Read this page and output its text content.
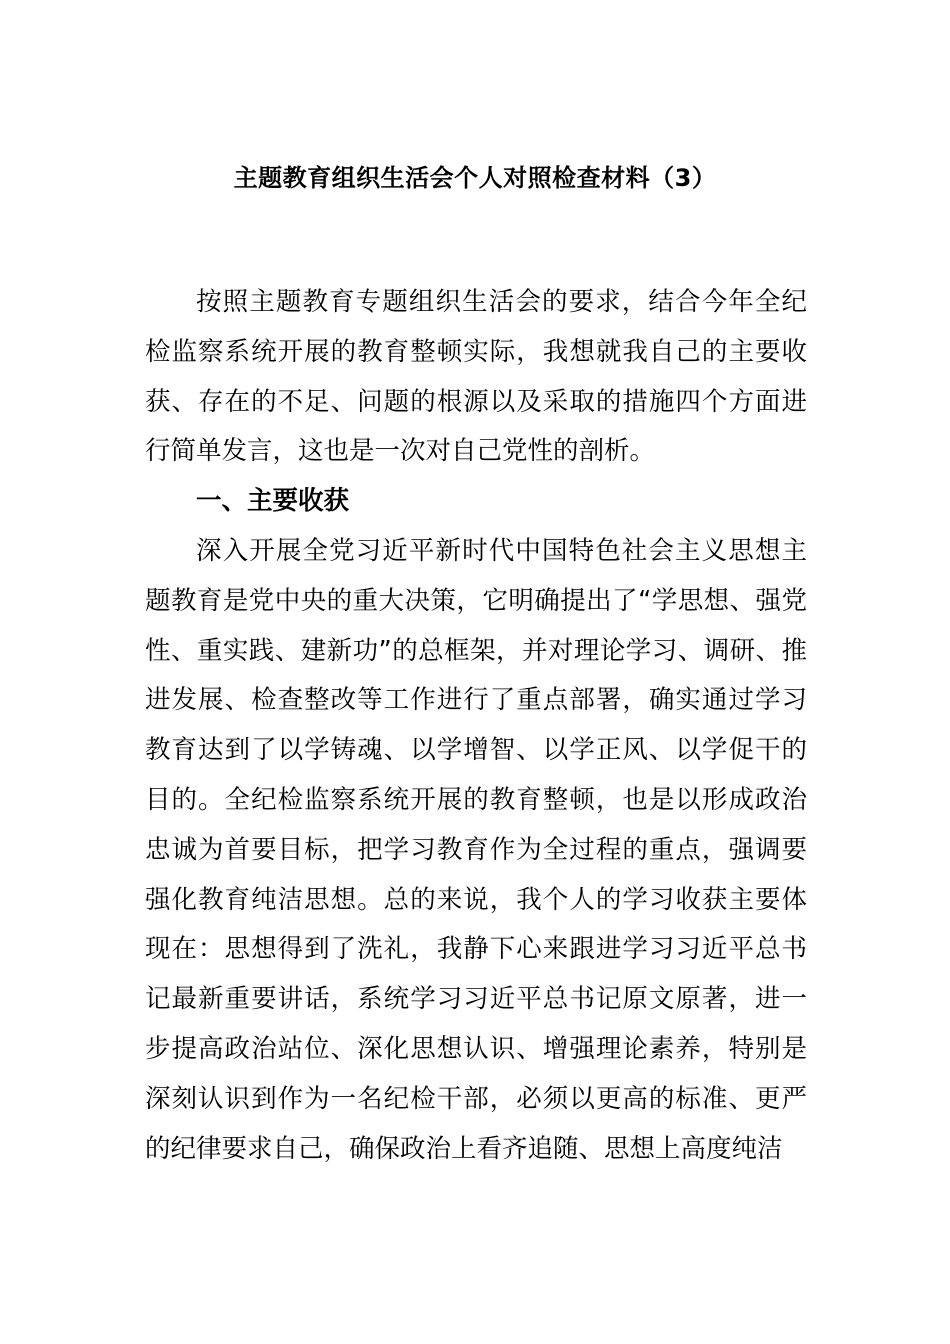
主题教育组织生活会个人对照检查材料（3）

按照主题教育专题组织生活会的要求，结合今年全纪检监察系统开展的教育整顿实际，我想就我自己的主要收获、存在的不足、问题的根源以及采取的措施四个方面进行简单发言，这也是一次对自己党性的剖析。

一、主要收获

深入开展全党习近平新时代中国特色社会主义思想主题教育是党中央的重大决策，它明确提出了“学思想、强党性、重实践、建新功”的总框架，并对理论学习、调研、推进发展、检查整改等工作进行了重点部署，确实通过学习教育达到了以学铸魂、以学增智、以学正风、以学促干的目的。全纪检监察系统开展的教育整顿，也是以形成政治忠诚为首要目标，把学习教育作为全过程的重点，强调要强化教育纯洁思想。总的来说，我个人的学习收获主要体现在：思想得到了洗礼，我静下心来跟进学习习近平总书记最新重要讲话，系统学习习近平总书记原文原著，进一步提高政治站位、深化思想认识、增强理论素养，特别是深刻认识到作为一名纪检干部，必须以更高的标准、更严的纪律要求自己，确保政治上看齐追随、思想上高度纯洁
